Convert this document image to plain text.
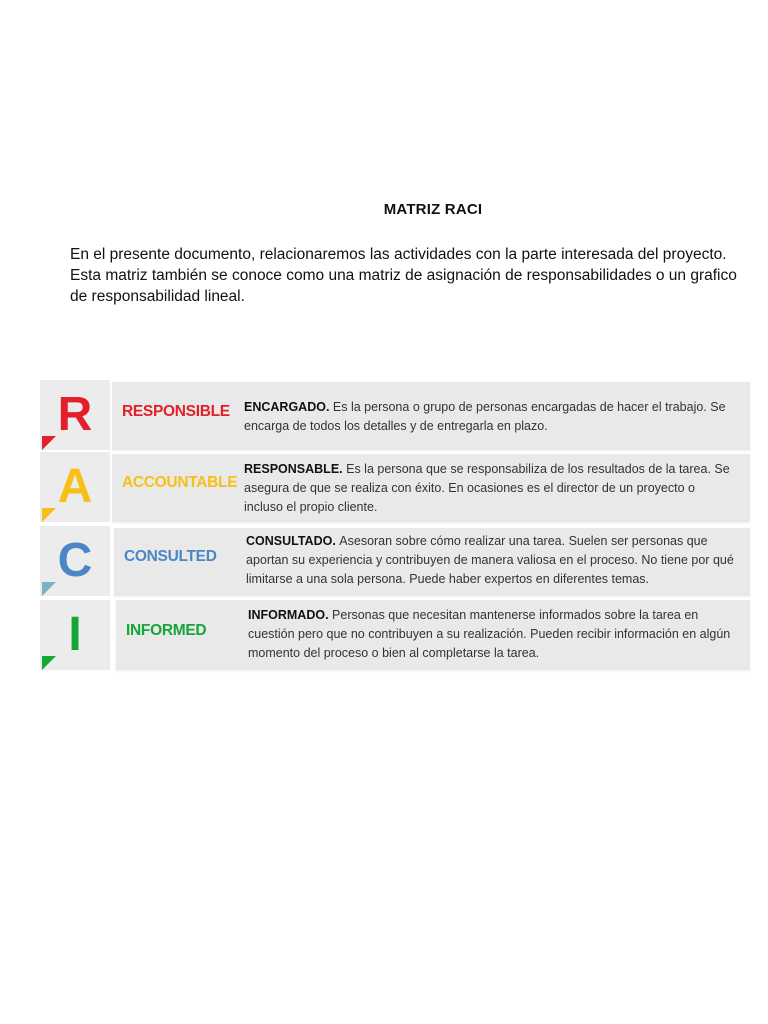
MATRIZ RACI
En el presente documento, relacionaremos las actividades con la parte interesada del proyecto. Esta matriz también se conoce como una matriz de asignación de responsabilidades o un grafico de responsabilidad lineal.
R RESPONSIBLE ENCARGADO. Es la persona o grupo de personas encargadas de hacer el trabajo. Se encarga de todos los detalles y de entregarla en plazo.
A ACCOUNTABLE
RESPONSABLE. Es la persona que se responsabiliza de los resultados de la tarea. Se asegura de que se realiza con éxito. En ocasiones es el director de un proyecto o incluso el propio cliente.
C CONSULTED
CONSULTADO. Asesoran sobre cómo realizar una tarea. Suelen ser personas que aportan su experiencia y contribuyen de manera valiosa en el proceso. No tiene por qué limitarse a una sola persona. Puede haber expertos en diferentes temas.
I	INFORMED
INFORMADO. Personas que necesitan mantenerse informados sobre la tarea en cuestión pero que no contribuyen a su realización. Pueden recibir información en algún momento del proceso o bien al completarse la tarea.
